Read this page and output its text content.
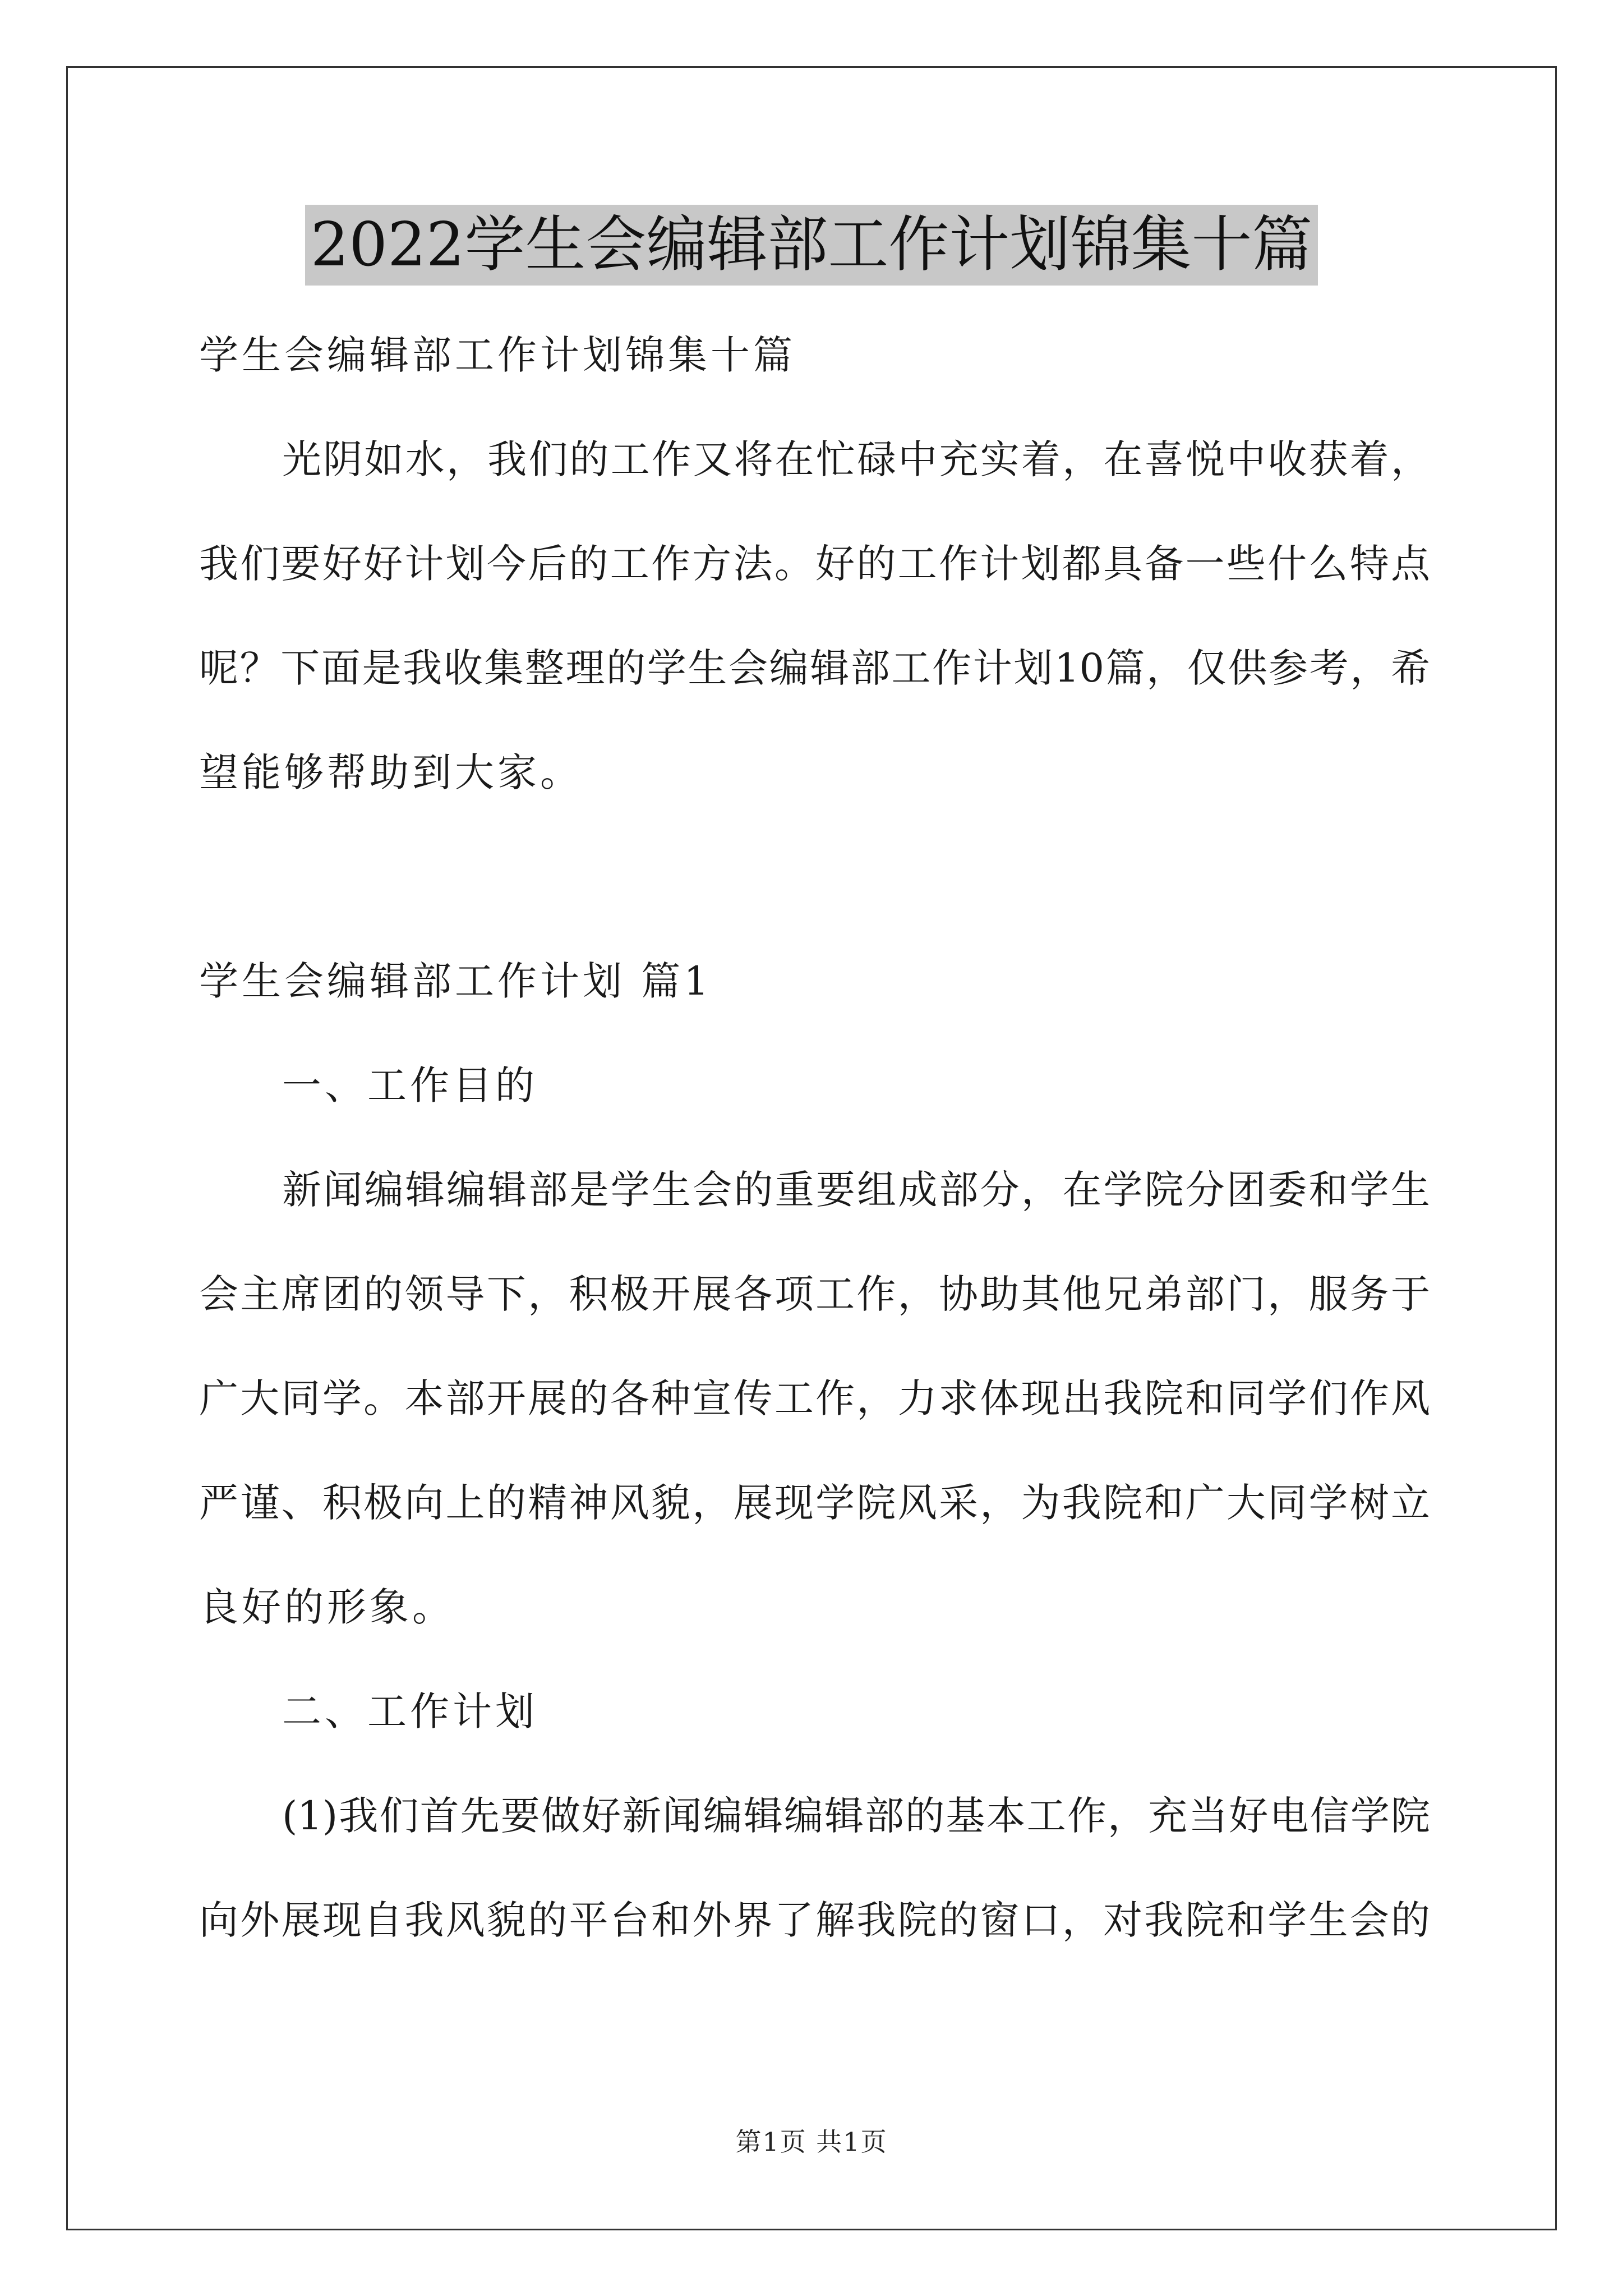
2022学生会编辑部工作计划锦集十篇
学生会编辑部工作计划锦集十篇
光阴如水，我们的工作又将在忙碌中充实着，在喜悦中收获着，
我们要好好计划今后的工作方法。好的工作计划都具备一些什么特点
呢？下面是我收集整理的学生会编辑部工作计划10篇，仅供参考，希
望能够帮助到大家。
学生会编辑部工作计划 篇1
一、工作目的
新闻编辑编辑部是学生会的重要组成部分，在学院分团委和学生
会主席团的领导下，积极开展各项工作，协助其他兄弟部门，服务于
广大同学。本部开展的各种宣传工作，力求体现出我院和同学们作风
严谨、积极向上的精神风貌，展现学院风采，为我院和广大同学树立
良好的形象。
二、工作计划
(1)我们首先要做好新闻编辑编辑部的基本工作，充当好电信学院
向外展现自我风貌的平台和外界了解我院的窗口，对我院和学生会的
第1页 共1页
